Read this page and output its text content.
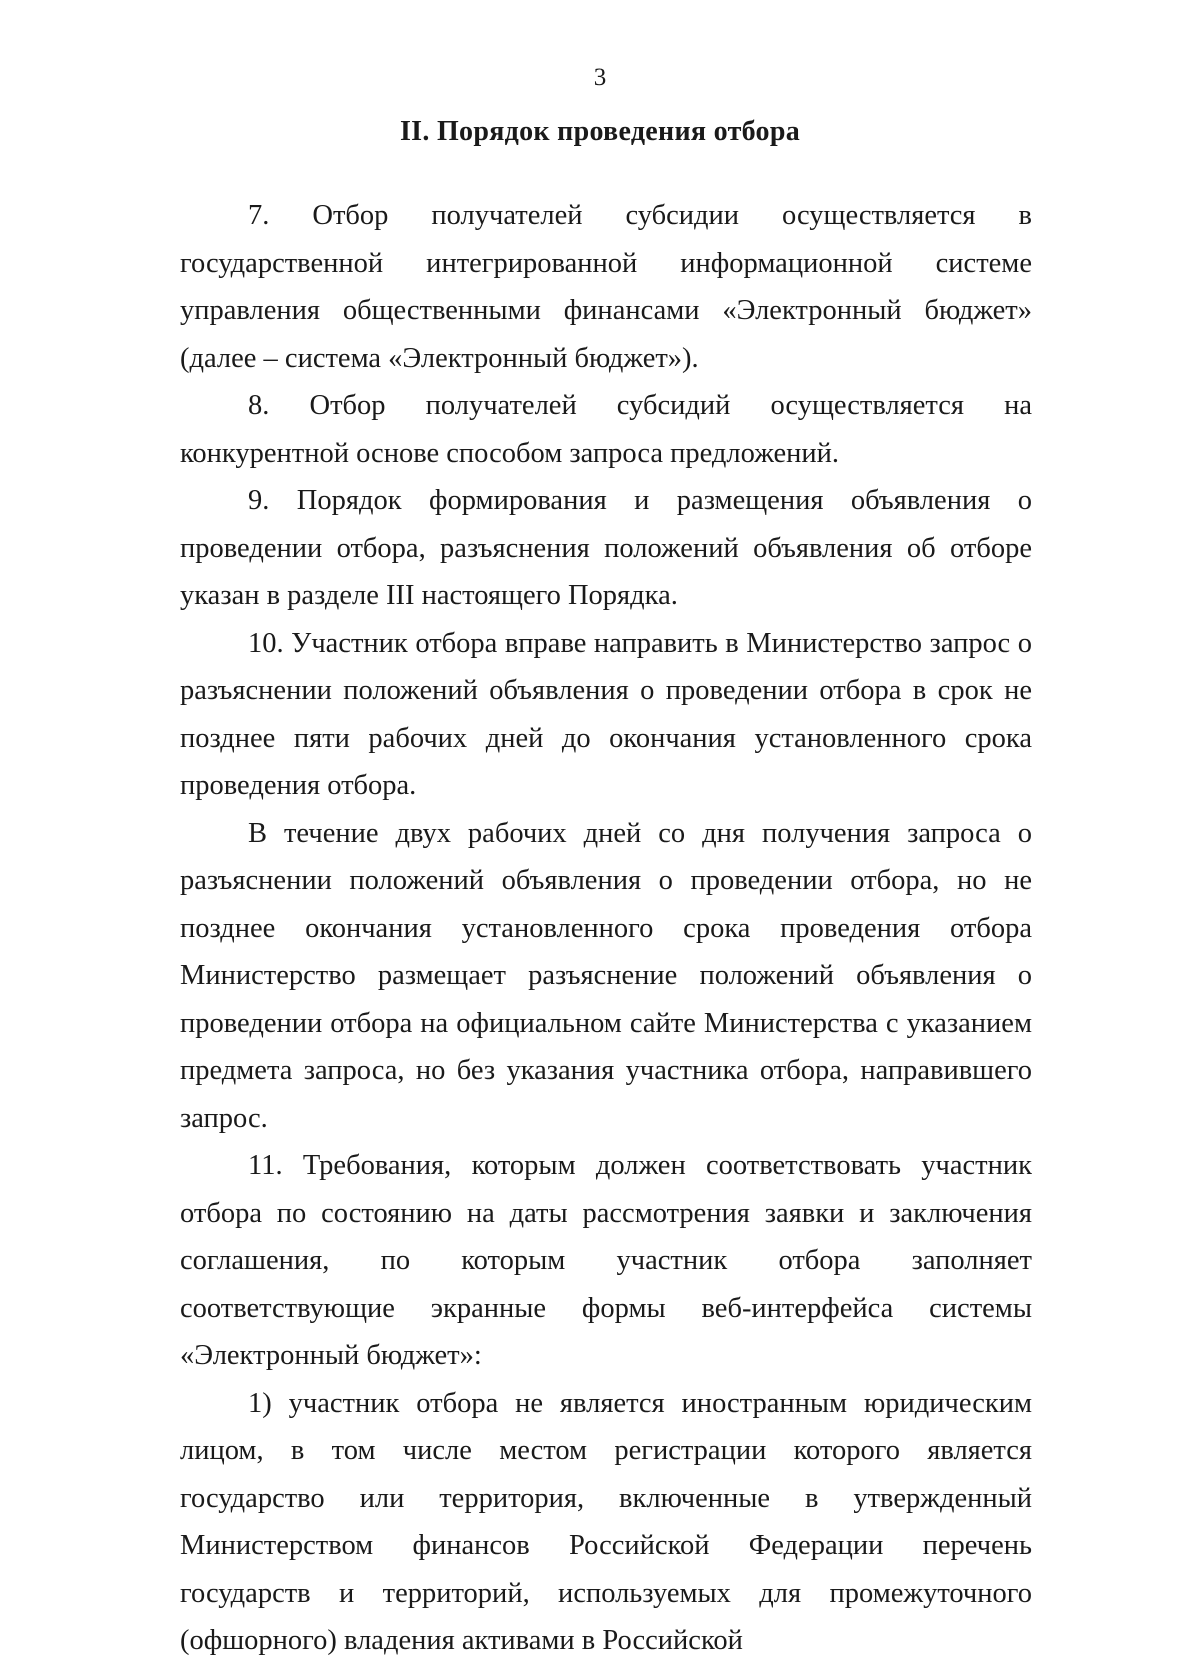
3
II. Порядок проведения отбора

7. Отбор получателей субсидии осуществляется в государственной интегрированной информационной системе управления общественными финансами «Электронный бюджет» (далее – система «Электронный бюджет»).

8. Отбор получателей субсидий осуществляется на конкурентной основе способом запроса предложений.

9. Порядок формирования и размещения объявления о проведении отбора, разъяснения положений объявления об отборе указан в разделе III настоящего Порядка.

10. Участник отбора вправе направить в Министерство запрос о разъяснении положений объявления о проведении отбора в срок не позднее пяти рабочих дней до окончания установленного срока проведения отбора.

В течение двух рабочих дней со дня получения запроса о разъяснении положений объявления о проведении отбора, но не позднее окончания установленного срока проведения отбора Министерство размещает разъяснение положений объявления о проведении отбора на официальном сайте Министерства с указанием предмета запроса, но без указания участника отбора, направившего запрос.

11. Требования, которым должен соответствовать участник отбора по состоянию на даты рассмотрения заявки и заключения соглашения, по которым участник отбора заполняет соответствующие экранные формы веб-интерфейса системы «Электронный бюджет»:

1) участник отбора не является иностранным юридическим лицом, в том числе местом регистрации которого является государство или территория, включенные в утвержденный Министерством финансов Российской Федерации перечень государств и территорий, используемых для промежуточного (офшорного) владения активами в Российской
